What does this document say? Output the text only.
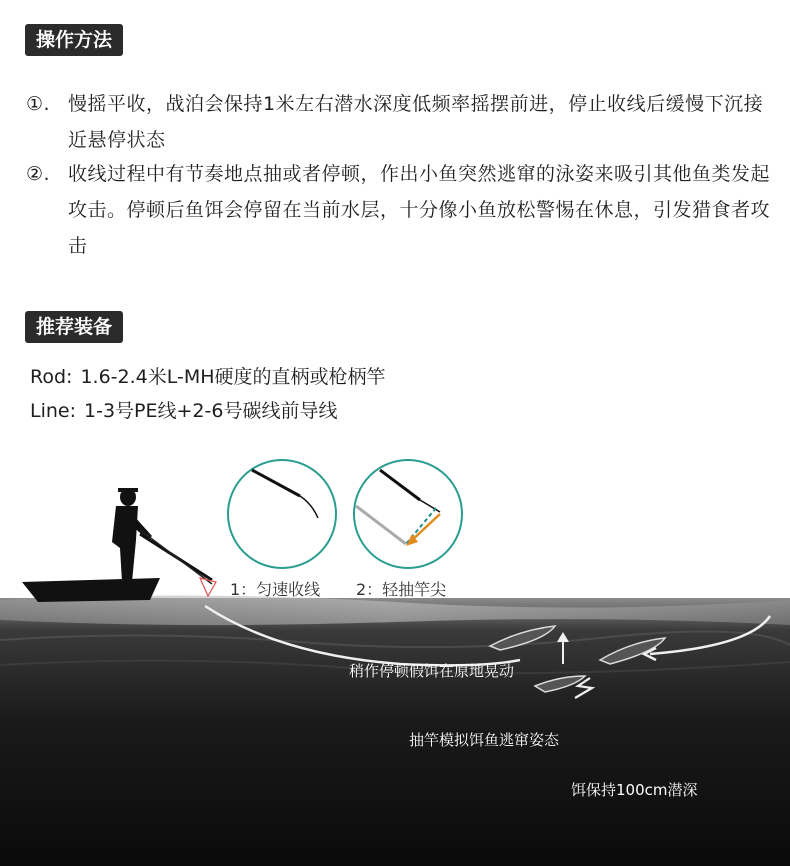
操作方法
①. 慢摇平收，战泊会保持1米左右潜水深度低频率摇摆前进，停止收线后缓慢下沉接近悬停状态
②. 收线过程中有节奏地点抽或者停顿，作出小鱼突然逃窜的泳姿来吸引其他鱼类发起攻击。停顿后鱼饵会停留在当前水层，十分像小鱼放松警惕在休息，引发猎食者攻击
推荐装备
Rod: 1.6-2.4米L-MH硬度的直柄或枪柄竿
Line: 1-3号PE线+2-6号碳线前导线
1：匀速收线 2：轻抽竿尖
稍作停顿假饵在原地晃动
抽竿模拟饵鱼逃窜姿态
饵保持100cm潜深
